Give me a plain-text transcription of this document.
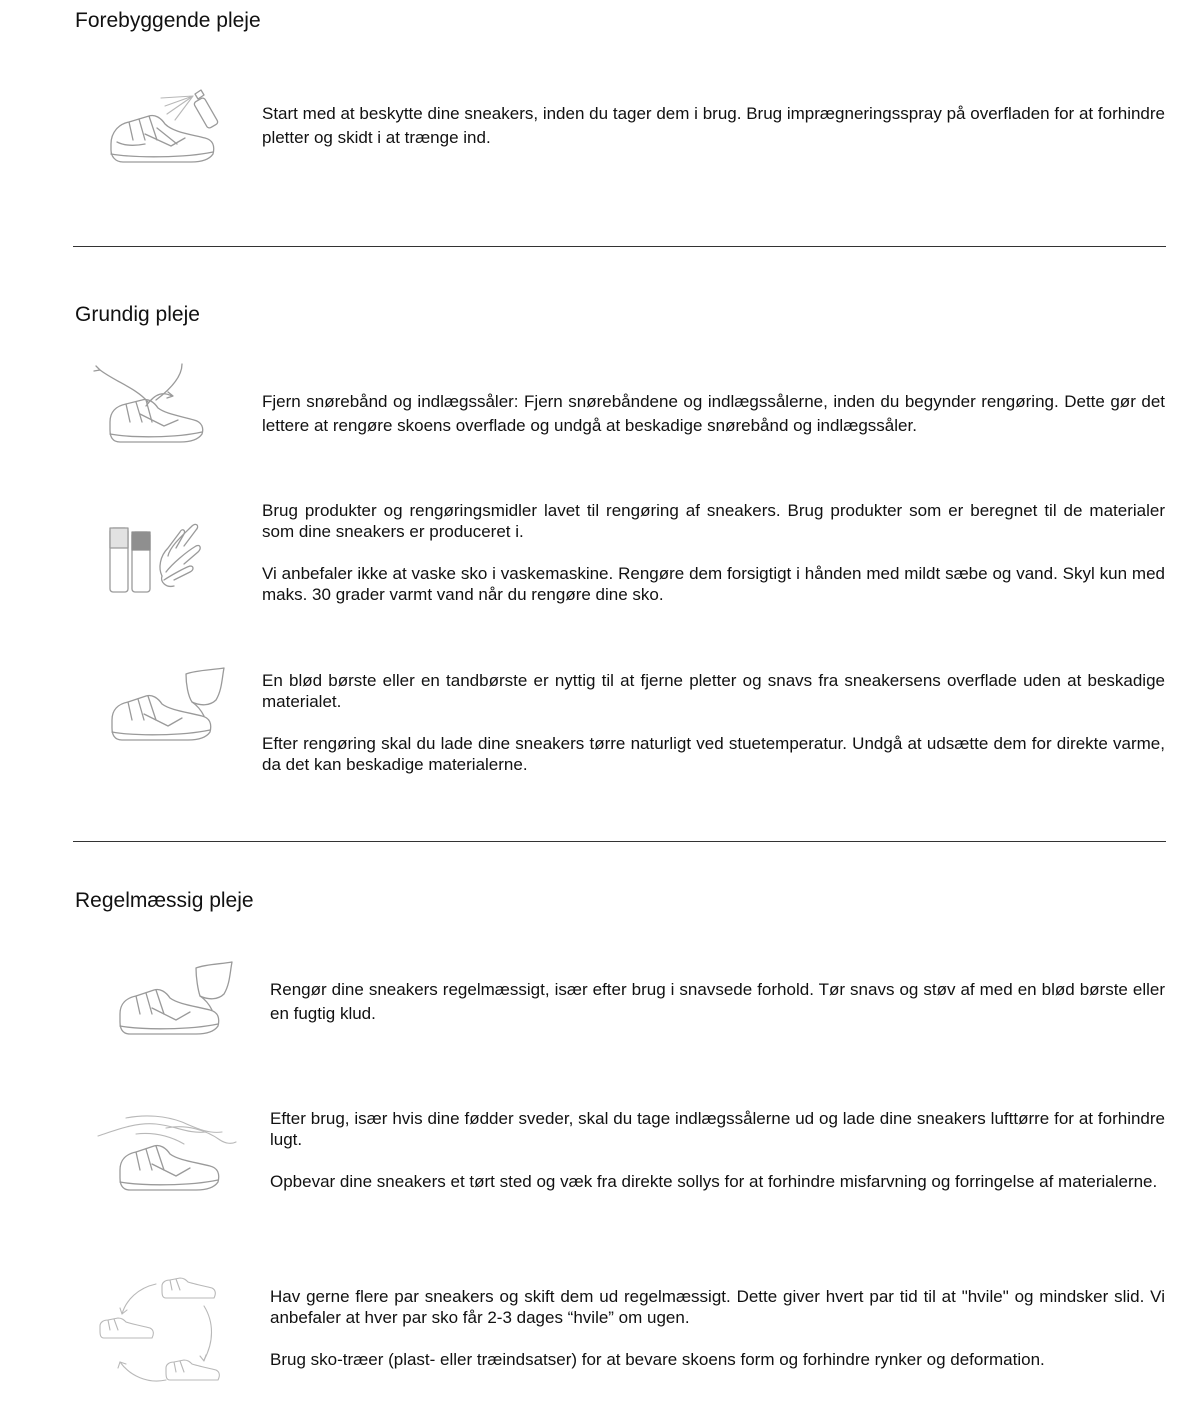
Forebyggende pleje

Start med at beskytte dine sneakers, inden du tager dem i brug. Brug imprægneringsspray på overfladen for at forhindre pletter og skidt i at trænge ind.

Grundig pleje

Fjern snørebånd og indlægssåler: Fjern snørebåndene og indlægssålerne, inden du begynder rengøring. Dette gør det lettere at rengøre skoens overflade og undgå at beskadige snørebånd og indlægssåler.

Brug produkter og rengøringsmidler lavet til rengøring af sneakers. Brug produkter som er beregnet til de materialer som dine sneakers er produceret i.

Vi anbefaler ikke at vaske sko i vaskemaskine. Rengøre dem forsigtigt i hånden med mildt sæbe og vand. Skyl kun med maks. 30 grader varmt vand når du rengøre dine sko.

En blød børste eller en tandbørste er nyttig til at fjerne pletter og snavs fra sneakersens overflade uden at beskadige materialet.

Efter rengøring skal du lade dine sneakers tørre naturligt ved stuetemperatur. Undgå at udsætte dem for direkte varme, da det kan beskadige materialerne.

Regelmæssig pleje

Rengør dine sneakers regelmæssigt, især efter brug i snavsede forhold. Tør snavs og støv af med en blød børste eller en fugtig klud.

Efter brug, især hvis dine fødder sveder, skal du tage indlægssålerne ud og lade dine sneakers lufttørre for at forhindre lugt.

Opbevar dine sneakers et tørt sted og væk fra direkte sollys for at forhindre misfarvning og forringelse af materialerne.

Hav gerne flere par sneakers og skift dem ud regelmæssigt. Dette giver hvert par tid til at "hvile" og mindsker slid. Vi anbefaler at hver par sko får 2-3 dages “hvile” om ugen.

Brug sko-træer (plast- eller træindsatser) for at bevare skoens form og forhindre rynker og deformation.
